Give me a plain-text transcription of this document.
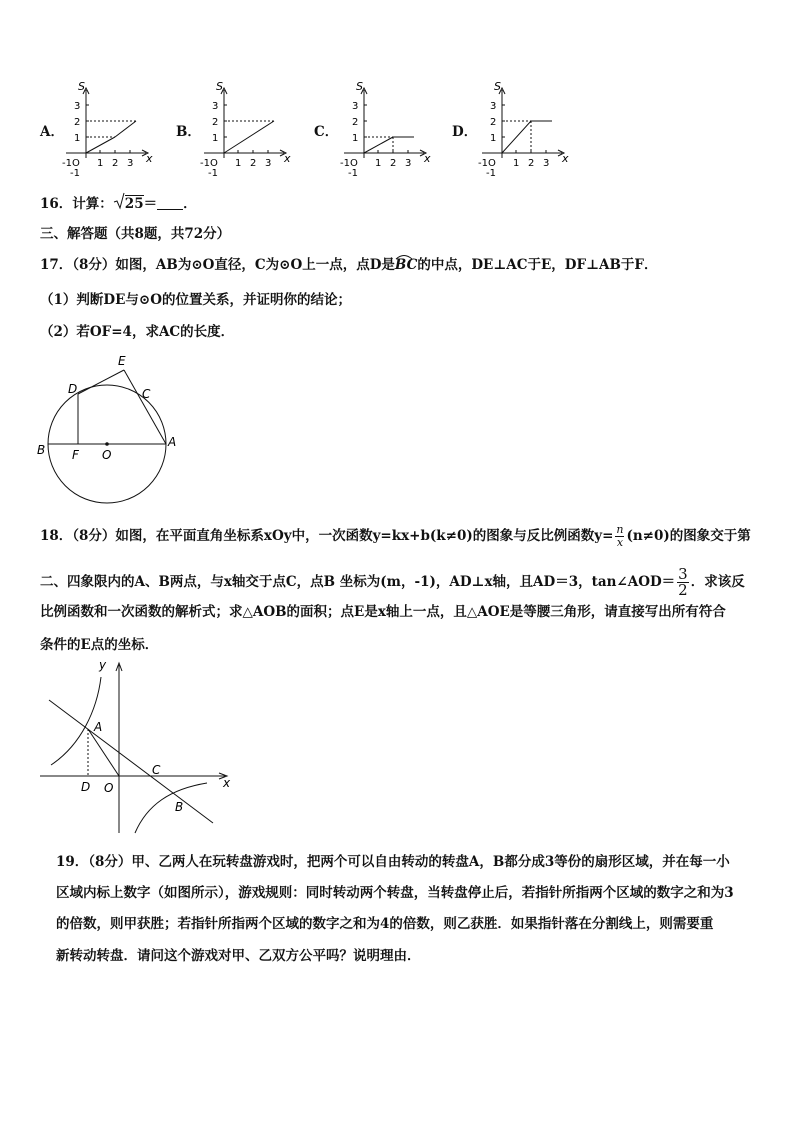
A．	B．	C．	D．
S
x
3
2
1
1 2 3
-1O
-1
S
x
3
2
1
1 2 3
-1O
-1
S
x
3
2
1
1 2 3
-1O
-1
S
x
3
2
1
1 2 3
-1O
-1
16．计算： 25＝ ．
三、解答题（共8题，共72分）
17．（8分）如图，AB为⊙O直径，C为⊙O上一点，点D是
BC的中点，DE⊥AC于E，DF⊥AB于F．
（1）判断DE与⊙O的位置关系，并证明你的结论；
（2）若OF=4，求AC的长度．
E
D	C
B F O
A
18．（8分）如图，在平面直角坐标系xOy中，一次函数y=kx+b(k≠0)的图象与反比例函数$y= \frac{n}{x} (n\ne 0)$的图象交于第
二、四象限内的A、B两点，与x轴交于点C，点B 坐标为(m，-1)，AD⊥x轴，且AD＝3，tan∠AOD＝ $\frac{3}{2}$ ．求该反
比例函数和一次函数的解析式；求△AOB的面积；点E是x轴上一点，且△AOE是等腰三角形，请直接写出所有符合
条件的E点的坐标．
y
A
C
x
D O
B
19．（8分）甲、乙两人在玩转盘游戏时，把两个可以自由转动的转盘A，B都分成3等份的扇形区域，并在每一小
区域内标上数字（如图所示），游戏规则：同时转动两个转盘，当转盘停止后，若指针所指两个区域的数字之和为3
的倍数，则甲获胜；若指针所指两个区域的数字之和为4的倍数，则乙获胜．如果指针落在分割线上，则需要重
新转动转盘．请问这个游戏对甲、乙双方公平吗？说明理由．
